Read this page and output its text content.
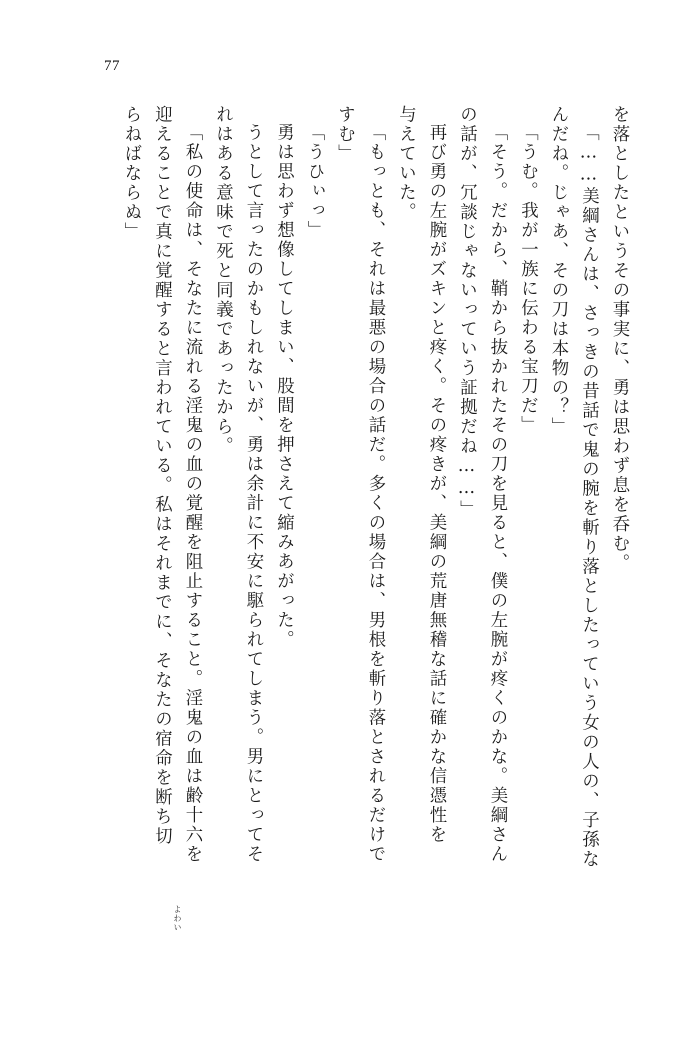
77
を落としたというその事実に、勇は思わず息を呑む。
「……美綱さんは、さっきの昔話で鬼の腕を斬り落としたっていう女の人の、子孫な
んだね。じゃあ、その刀は本物の？」
「うむ。我が一族に伝わる宝刀だ」
「そう。だから、鞘から抜かれたその刀を見ると、僕の左腕が疼くのかな。美綱さん
の話が、冗談じゃないっていう証拠だね……」
再び勇の左腕がズキンと疼く。その疼きが、美綱の荒唐無稽な話に確かな信憑性を
与えていた。
「もっとも、それは最悪の場合の話だ。多くの場合は、男根を斬り落とされるだけで
すむ」
「うひぃっ」
勇は思わず想像してしまい、股間を押さえて縮みあがった。
うとして言ったのかもしれないが、勇は余計に不安に駆られてしまう。男にとってそ
れはある意味で死と同義であったから。
「私の使命は、そなたに流れる淫鬼の血の覚醒を阻止すること。淫鬼の血は齢十六を
迎えることで真に覚醒すると言われている。私はそれまでに、そなたの宿命を断ち切
らねばならぬ」
よわい
